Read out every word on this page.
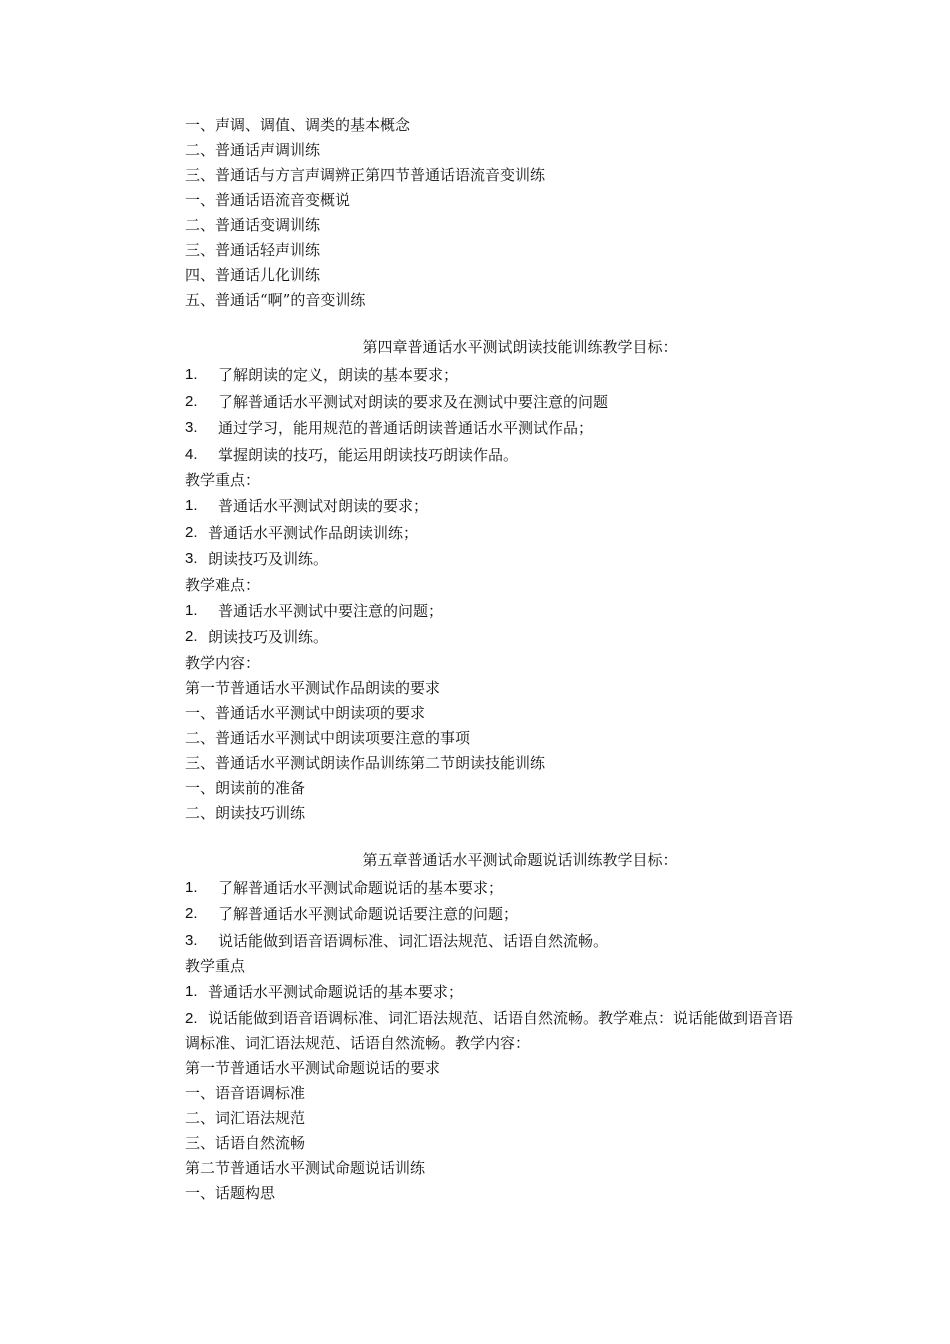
一、声调、调值、调类的基本概念
二、普通话声调训练
三、普通话与方言声调辨正第四节普通话语流音变训练
一、普通话语流音变概说
二、普通话变调训练
三、普通话轻声训练
四、普通话儿化训练
五、普通话“啊”的音变训练
第四章普通话水平测试朗读技能训练教学目标：
1.	了解朗读的定义，朗读的基本要求；
2.	了解普通话水平测试对朗读的要求及在测试中要注意的问题
3.	通过学习，能用规范的普通话朗读普通话水平测试作品；
4.	掌握朗读的技巧，能运用朗读技巧朗读作品。
教学重点：
1.	普通话水平测试对朗读的要求；
2. 普通话水平测试作品朗读训练；
3. 朗读技巧及训练。
教学难点：
1.	普通话水平测试中要注意的问题；
2. 朗读技巧及训练。
教学内容：
第一节普通话水平测试作品朗读的要求
一、普通话水平测试中朗读项的要求
二、普通话水平测试中朗读项要注意的事项
三、普通话水平测试朗读作品训练第二节朗读技能训练
一、朗读前的准备
二、朗读技巧训练
第五章普通话水平测试命题说话训练教学目标：
1.	了解普通话水平测试命题说话的基本要求；
2.	了解普通话水平测试命题说话要注意的问题；
3.	说话能做到语音语调标准、词汇语法规范、话语自然流畅。
教学重点
1. 普通话水平测试命题说话的基本要求；
2. 说话能做到语音语调标准、词汇语法规范、话语自然流畅。教学难点：说话能做到语音语调标准、词汇语法规范、话语自然流畅。教学内容：
第一节普通话水平测试命题说话的要求
一、语音语调标准
二、词汇语法规范
三、话语自然流畅
第二节普通话水平测试命题说话训练
一、话题构思
